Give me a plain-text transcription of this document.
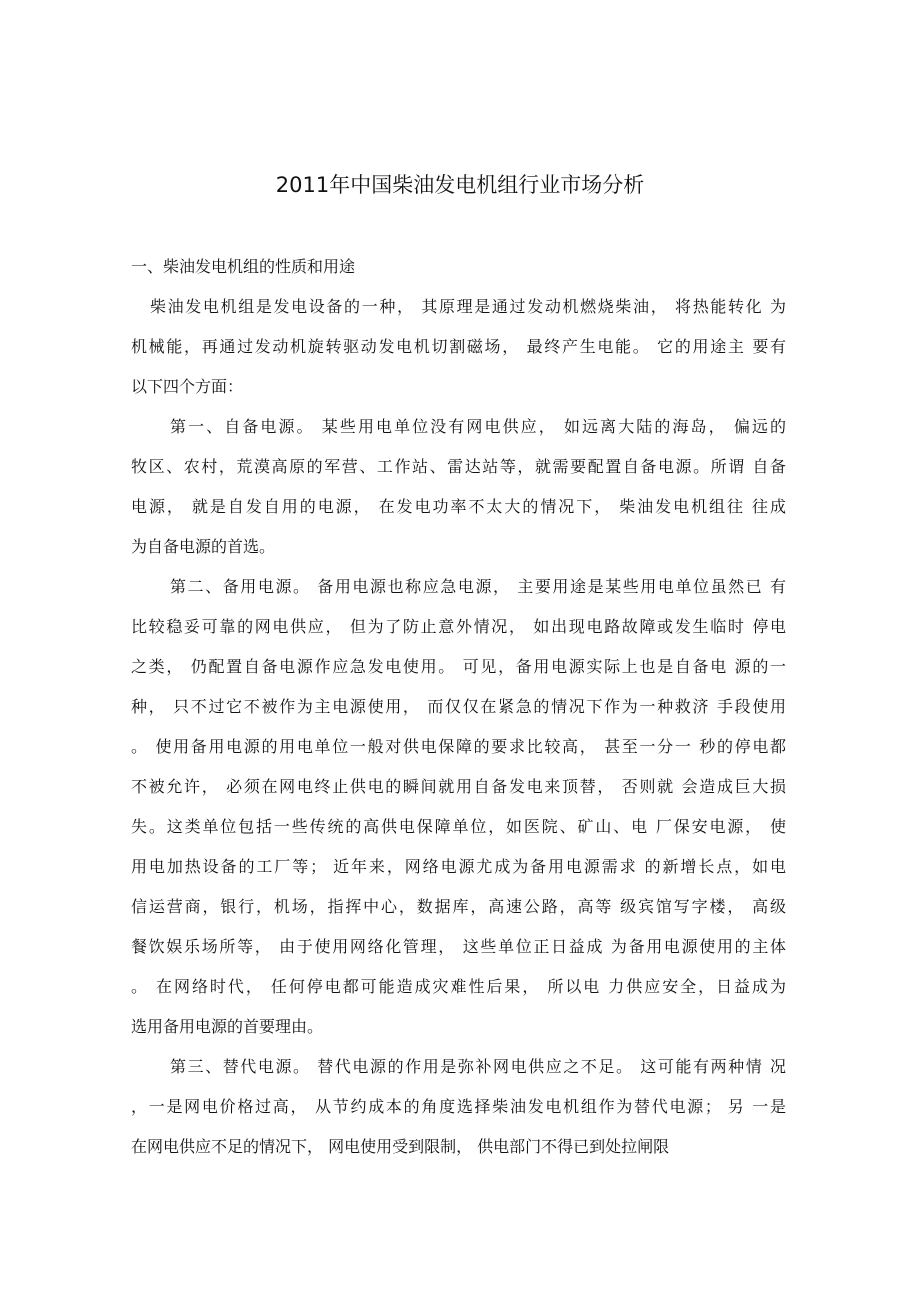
2011年中国柴油发电机组行业市场分析
一、柴油发电机组的性质和用途
柴油发电机组是发电设备的一种， 其原理是通过发动机燃烧柴油， 将热能转化 为
机械能，再通过发动机旋转驱动发电机切割磁场， 最终产生电能。 它的用途主 要有
以下四个方面：
第一、自备电源。 某些用电单位没有网电供应， 如远离大陆的海岛， 偏远的
牧区、农村，荒漠高原的军营、工作站、雷达站等，就需要配置自备电源。所谓 自备
电源， 就是自发自用的电源， 在发电功率不太大的情况下， 柴油发电机组往 往成
为自备电源的首选。
第二、备用电源。 备用电源也称应急电源， 主要用途是某些用电单位虽然已 有
比较稳妥可靠的网电供应， 但为了防止意外情况， 如出现电路故障或发生临时 停电
之类， 仍配置自备电源作应急发电使用。 可见，备用电源实际上也是自备电 源的一
种， 只不过它不被作为主电源使用， 而仅仅在紧急的情况下作为一种救济 手段使用
。 使用备用电源的用电单位一般对供电保障的要求比较高， 甚至一分一 秒的停电都
不被允许， 必须在网电终止供电的瞬间就用自备发电来顶替， 否则就 会造成巨大损
失。这类单位包括一些传统的高供电保障单位，如医院、矿山、电 厂保安电源， 使
用电加热设备的工厂等； 近年来，网络电源尤成为备用电源需求 的新增长点，如电
信运营商，银行，机场，指挥中心，数据库，高速公路，高等 级宾馆写字楼， 高级
餐饮娱乐场所等， 由于使用网络化管理， 这些单位正日益成 为备用电源使用的主体
。 在网络时代， 任何停电都可能造成灾难性后果， 所以电 力供应安全，日益成为
选用备用电源的首要理由。
第三、替代电源。 替代电源的作用是弥补网电供应之不足。 这可能有两种情 况
，一是网电价格过高， 从节约成本的角度选择柴油发电机组作为替代电源； 另 一是
在网电供应不足的情况下， 网电使用受到限制， 供电部门不得已到处拉闸限
